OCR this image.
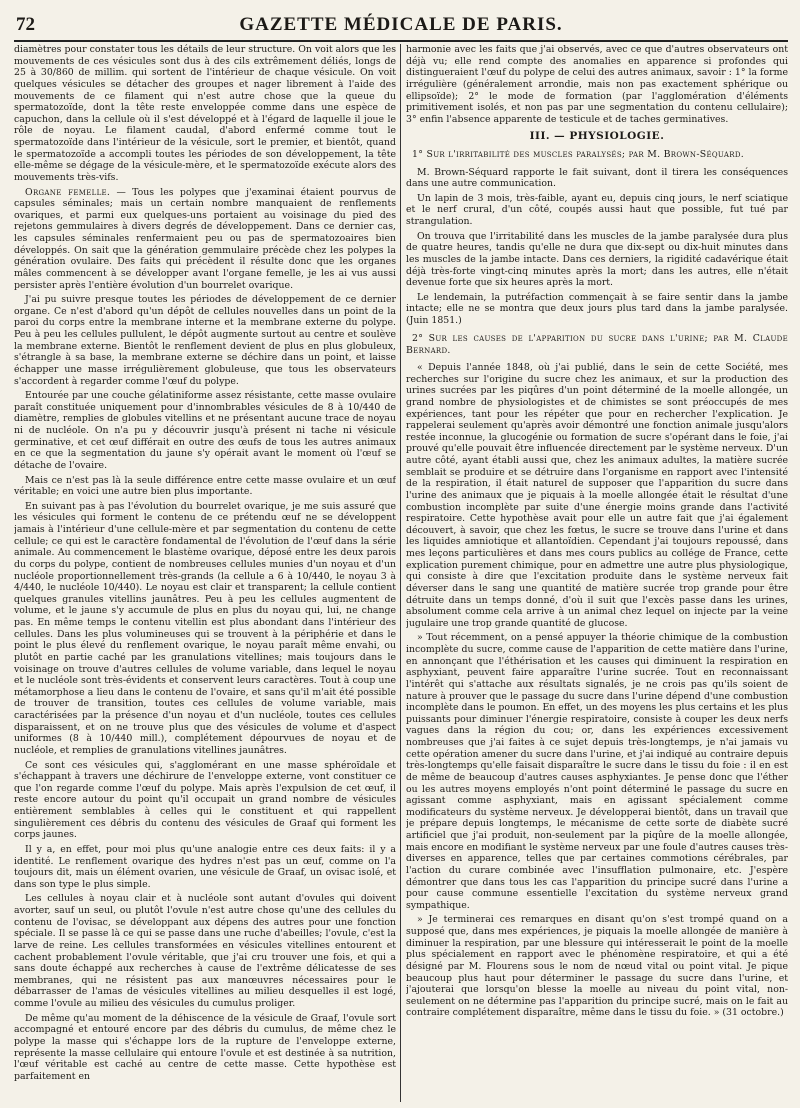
72	GAZETTE MÉDICALE DE PARIS.

diamètres pour constater tous les détails de leur structure. On voit alors que les mouvements de ces vésicules sont dus à des cils extrêmement déliés, longs de 25 à 30/860 de millim. qui sortent de l'intérieur de chaque vésicule. On voit quelques vésicules se détacher des groupes et nager librement à l'aide des mouvements de ce filament qui n'est autre chose que la queue du spermatozoïde, dont la tête reste enveloppée comme dans une espèce de capuchon, dans la cellule où il s'est développé et à l'égard de laquelle il joue le rôle de noyau. Le filament caudal, d'abord enfermé comme tout le spermatozoïde dans l'intérieur de la vésicule, sort le premier, et bientôt, quand le spermatozoïde a accompli toutes les périodes de son développement, la tête elle-même se dégage de la vésicule-mère, et le spermatozoïde exécute alors des mouvements très-vifs.

Organe femelle. — Tous les polypes que j'examinai étaient pourvus de capsules séminales; mais un certain nombre manquaient de renflements ovariques, et parmi eux quelques-uns portaient au voisinage du pied des rejetons gemmulaires à divers degrés de développement. Dans ce dernier cas, les capsules séminales renfermaient peu ou pas de spermatozoaires bien développés. On sait que la génération gemmulaire précède chez les polypes la génération ovulaire. Des faits qui précèdent il résulte donc que les organes mâles commencent à se développer avant l'organe femelle, je les ai vus aussi persister après l'entière évolution d'un bourrelet ovarique.

J'ai pu suivre presque toutes les périodes de développement de ce dernier organe. Ce n'est d'abord qu'un dépôt de cellules nouvelles dans un point de la paroi du corps entre la membrane interne et la membrane externe du polype. Peu à peu les cellules pullulent, le dépôt augmente surtout au centre et soulève la membrane externe. Bientôt le renflement devient de plus en plus globuleux, s'étrangle à sa base, la membrane externe se déchire dans un point, et laisse échapper une masse irrégulièrement globuleuse, que tous les observateurs s'accordent à regarder comme l'œuf du polype.

Entourée par une couche gélatiniforme assez résistante, cette masse ovulaire paraît constituée uniquement pour d'innombrables vésicules de 8 à 10/440 de diamètre, remplies de globules vitellins et ne présentant aucune trace de noyau ni de nucléole. On n'a pu y découvrir jusqu'à présent ni tache ni vésicule germinative, et cet œuf différait en outre des œufs de tous les autres animaux en ce que la segmentation du jaune s'y opérait avant le moment où l'œuf se détache de l'ovaire.

Mais ce n'est pas là la seule différence entre cette masse ovulaire et un œuf véritable; en voici une autre bien plus importante.

En suivant pas à pas l'évolution du bourrelet ovarique, je me suis assuré que les vésicules qui forment le contenu de ce prétendu œuf ne se développent jamais à l'intérieur d'une cellule-mère et par segmentation du contenu de cette cellule; ce qui est le caractère fondamental de l'évolution de l'œuf dans la série animale. Au commencement le blastème ovarique, déposé entre les deux parois du corps du polype, contient de nombreuses cellules munies d'un noyau et d'un nucléole proportionnellement très-grands (la cellule a 6 à 10/440, le noyau 3 à 4/440, le nucléole 10/440). Le noyau est clair et transparent; la cellule contient quelques granules vitellins jaunâtres. Peu à peu les cellules augmentent de volume, et le jaune s'y accumule de plus en plus du noyau qui, lui, ne change pas. En même temps le contenu vitellin est plus abondant dans l'intérieur des cellules. Dans les plus volumineuses qui se trouvent à la périphérie et dans le point le plus élevé du renflement ovarique, le noyau paraît même envahi, ou plutôt en partie caché par les granulations vitellines; mais toujours dans le voisinage on trouve d'autres cellules de volume variable, dans lequel le noyau et le nucléole sont très-évidents et conservent leurs caractères. Tout à coup une métamorphose a lieu dans le contenu de l'ovaire, et sans qu'il m'ait été possible de trouver de transition, toutes ces cellules de volume variable, mais caractérisées par la présence d'un noyau et d'un nucléole, toutes ces cellules disparaissent, et on ne trouve plus que des vésicules de volume et d'aspect uniformes (8 à 10/440 mill.), complétement dépourvues de noyau et de nucléole, et remplies de granulations vitellines jaunâtres.

Ce sont ces vésicules qui, s'agglomérant en une masse sphéroïdale et s'échappant à travers une déchirure de l'enveloppe externe, vont constituer ce que l'on regarde comme l'œuf du polype. Mais après l'expulsion de cet œuf, il reste encore autour du point qu'il occupait un grand nombre de vésicules entièrement semblables à celles qui le constituent et qui rappellent singulièrement ces débris du contenu des vésicules de Graaf qui forment les corps jaunes.

Il y a, en effet, pour moi plus qu'une analogie entre ces deux faits: il y a identité. Le renflement ovarique des hydres n'est pas un œuf, comme on l'a toujours dit, mais un élément ovarien, une vésicule de Graaf, un ovisac isolé, et dans son type le plus simple.

Les cellules à noyau clair et à nucléole sont autant d'ovules qui doivent avorter, sauf un seul, ou plutôt l'ovule n'est autre chose qu'une des cellules du contenu de l'ovisac, se développant aux dépens des autres pour une fonction spéciale. Il se passe là ce qui se passe dans une ruche d'abeilles; l'ovule, c'est la larve de reine. Les cellules transformées en vésicules vitellines entourent et cachent probablement l'ovule véritable, que j'ai cru trouver une fois, et qui a sans doute échappé aux recherches à cause de l'extrême délicatesse de ses membranes, qui ne résistent pas aux manœuvres nécessaires pour le débarrasser de l'amas de vésicules vitellines au milieu desquelles il est logé, comme l'ovule au milieu des vésicules du cumulus proliger.

De même qu'au moment de la déhiscence de la vésicule de Graaf, l'ovule sort accompagné et entouré encore par des débris du cumulus, de même chez le polype la masse qui s'échappe lors de la rupture de l'enveloppe externe, représente la masse cellulaire qui entoure l'ovule et est destinée à sa nutrition, l'œuf véritable est caché au centre de cette masse. Cette hypothèse est parfaitement en

harmonie avec les faits que j'ai observés, avec ce que d'autres observateurs ont déjà vu; elle rend compte des anomalies en apparence si profondes qui distingueraient l'œuf du polype de celui des autres animaux, savoir : 1° la forme irrégulière (généralement arrondie, mais non pas exactement sphérique ou ellipsoïde); 2° le mode de formation (par l'agglomération d'éléments primitivement isolés, et non pas par une segmentation du contenu cellulaire); 3° enfin l'absence apparente de testicule et de taches germinatives.

III. — PHYSIOLOGIE.
1° Sur l'irritabilité des muscles paralysés; par M. Brown-Séquard.

M. Brown-Séquard rapporte le fait suivant, dont il tirera les conséquences dans une autre communication.

Un lapin de 3 mois, très-faible, ayant eu, depuis cinq jours, le nerf sciatique et le nerf crural, d'un côté, coupés aussi haut que possible, fut tué par strangulation.

On trouva que l'irritabilité dans les muscles de la jambe paralysée dura plus de quatre heures, tandis qu'elle ne dura que dix-sept ou dix-huit minutes dans les muscles de la jambe intacte. Dans ces derniers, la rigidité cadavérique était déjà très-forte vingt-cinq minutes après la mort; dans les autres, elle n'était devenue forte que six heures après la mort.

Le lendemain, la putréfaction commençait à se faire sentir dans la jambe intacte; elle ne se montra que deux jours plus tard dans la jambe paralysée. (Juin 1851.)

2° Sur les causes de l'apparition du sucre dans l'urine; par M. Claude Bernard.

« Depuis l'année 1848, où j'ai publié, dans le sein de cette Société, mes recherches sur l'origine du sucre chez les animaux, et sur la production des urines sucrées par les piqûres d'un point déterminé de la moelle allongée, un grand nombre de physiologistes et de chimistes se sont préoccupés de mes expériences, tant pour les répéter que pour en rechercher l'explication. Je rappelerai seulement qu'après avoir démontré une fonction animale jusqu'alors restée inconnue, la glucogénie ou formation de sucre s'opérant dans le foie, j'ai prouvé qu'elle pouvait être influencée directement par le système nerveux. D'un autre côté, ayant établi aussi que, chez les animaux adultes, la matière sucrée semblait se produire et se détruire dans l'organisme en rapport avec l'intensité de la respiration, il était naturel de supposer que l'apparition du sucre dans l'urine des animaux que je piquais à la moelle allongée était le résultat d'une combustion incomplète par suite d'une énergie moins grande dans l'activité respiratoire. Cette hypothèse avait pour elle un autre fait que j'ai également découvert, à savoir, que chez les fœtus, le sucre se trouve dans l'urine et dans les liquides amniotique et allantoïdien. Cependant j'ai toujours repoussé, dans mes leçons particulières et dans mes cours publics au collége de France, cette explication purement chimique, pour en admettre une autre plus physiologique, qui consiste à dire que l'excitation produite dans le système nerveux fait déverser dans le sang une quantité de matière sucrée trop grande pour être détruite dans un temps donné, d'où il suit que l'excès passe dans les urines, absolument comme cela arrive à un animal chez lequel on injecte par la veine jugulaire une trop grande quantité de glucose.

» Tout récemment, on a pensé appuyer la théorie chimique de la combustion incomplète du sucre, comme cause de l'apparition de cette matière dans l'urine, en annonçant que l'éthérisation et les causes qui diminuent la respiration en asphyxiant, peuvent faire apparaître l'urine sucrée. Tout en reconnaissant l'intérêt qui s'attache aux résultats signalés, je ne crois pas qu'ils soient de nature à prouver que le passage du sucre dans l'urine dépend d'une combustion incomplète dans le poumon. En effet, un des moyens les plus certains et les plus puissants pour diminuer l'énergie respiratoire, consiste à couper les deux nerfs vagues dans la région du cou; or, dans les expériences excessivement nombreuses que j'ai faites à ce sujet depuis très-longtemps, je n'ai jamais vu cette opération amener du sucre dans l'urine, et j'ai indiqué au contraire depuis très-longtemps qu'elle faisait disparaître le sucre dans le tissu du foie : il en est de même de beaucoup d'autres causes asphyxiantes. Je pense donc que l'éther ou les autres moyens employés n'ont point déterminé le passage du sucre en agissant comme asphyxiant, mais en agissant spécialement comme modificateurs du système nerveux. Je développerai bientôt, dans un travail que je prépare depuis longtemps, le mécanisme de cette sorte de diabète sucré artificiel que j'ai produit, non-seulement par la piqûre de la moelle allongée, mais encore en modifiant le système nerveux par une foule d'autres causes très-diverses en apparence, telles que par certaines commotions cérébrales, par l'action du curare combinée avec l'insufflation pulmonaire, etc. J'espère démontrer que dans tous les cas l'apparition du principe sucré dans l'urine a pour cause commune essentielle l'excitation du système nerveux grand sympathique.

» Je terminerai ces remarques en disant qu'on s'est trompé quand on a supposé que, dans mes expériences, je piquais la moelle allongée de manière à diminuer la respiration, par une blessure qui intéresserait le point de la moelle plus spécialement en rapport avec le phénomène respiratoire, et qui a été désigné par M. Flourens sous le nom de nœud vital ou point vital. Je pique beaucoup plus haut pour déterminer le passage du sucre dans l'urine, et j'ajouterai que lorsqu'on blesse la moelle au niveau du point vital, non-seulement on ne détermine pas l'apparition du principe sucré, mais on le fait au contraire complétement disparaître, même dans le tissu du foie. » (31 octobre.)
